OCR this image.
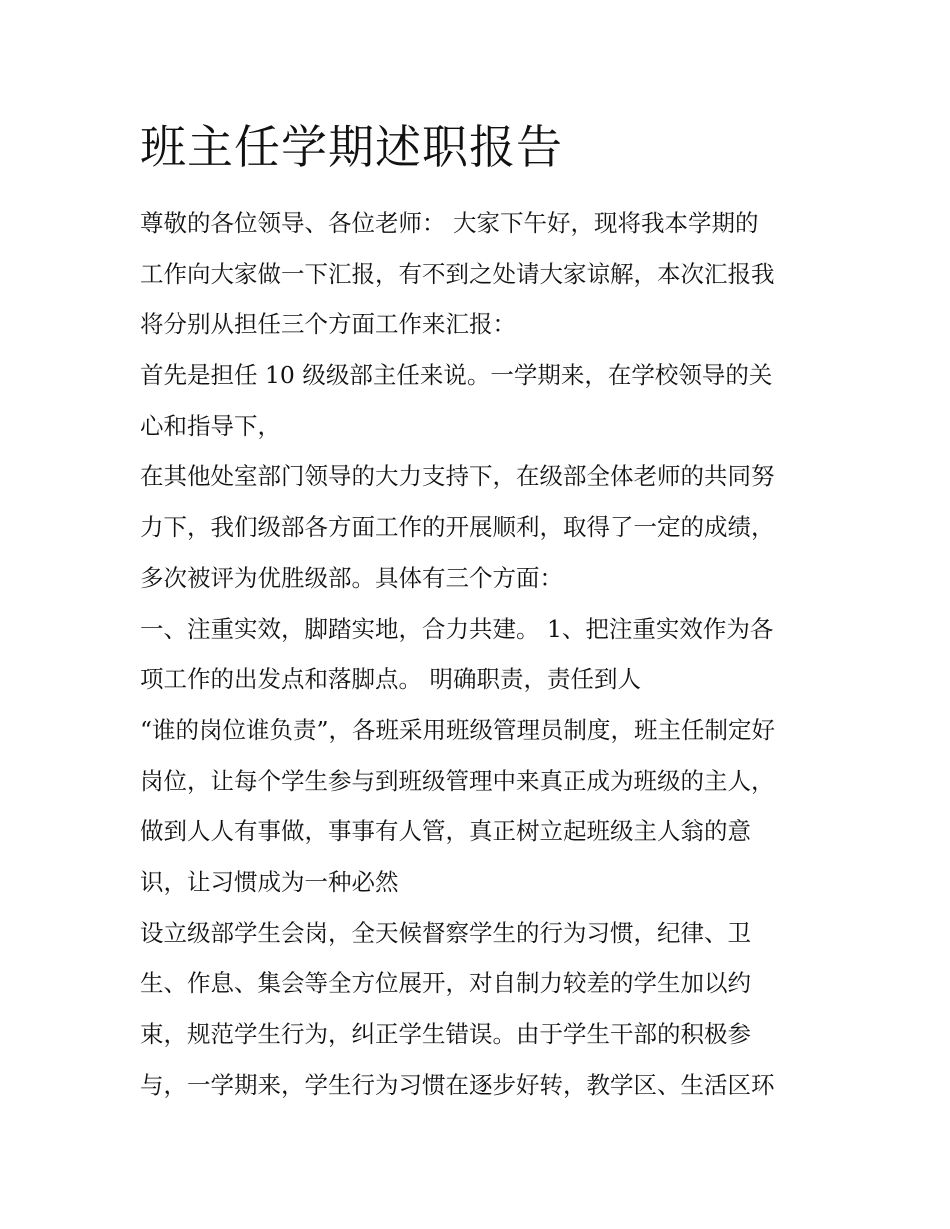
班主任学期述职报告
尊敬的各位领导、各位老师： 大家下午好，现将我本学期的
工作向大家做一下汇报，有不到之处请大家谅解，本次汇报我
将分别从担任三个方面工作来汇报：
首先是担任 10 级级部主任来说。一学期来，在学校领导的关
心和指导下，
在其他处室部门领导的大力支持下，在级部全体老师的共同努
力下，我们级部各方面工作的开展顺利，取得了一定的成绩，
多次被评为优胜级部。具体有三个方面：
一、注重实效，脚踏实地，合力共建。 1、把注重实效作为各
项工作的出发点和落脚点。 明确职责，责任到人
“谁的岗位谁负责”，各班采用班级管理员制度，班主任制定好
岗位，让每个学生参与到班级管理中来真正成为班级的主人，
做到人人有事做，事事有人管，真正树立起班级主人翁的意
识，让习惯成为一种必然
设立级部学生会岗，全天候督察学生的行为习惯，纪律、卫
生、作息、集会等全方位展开，对自制力较差的学生加以约
束，规范学生行为，纠正学生错误。由于学生干部的积极参
与，一学期来，学生行为习惯在逐步好转，教学区、生活区环
